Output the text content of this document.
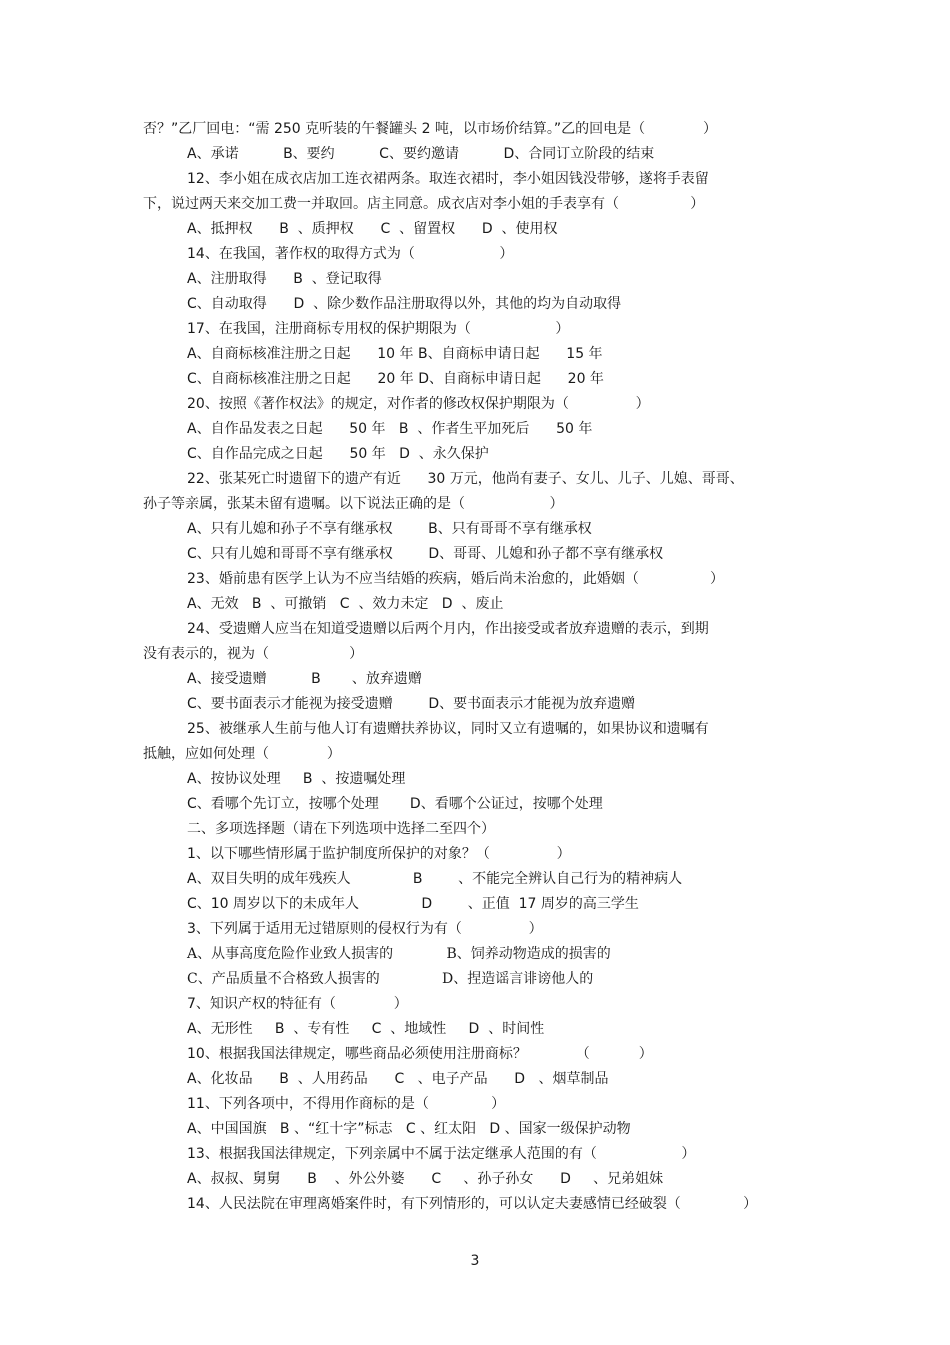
否？”乙厂回电：“需 250 克听装的午餐罐头 2 吨，以市场价结算。”乙的回电是（             ）
A、承诺          B、要约          C、要约邀请          D、合同订立阶段的结束
12、李小姐在成衣店加工连衣裙两条。取连衣裙时，李小姐因钱没带够，遂将手表留
下，说过两天来交加工费一并取回。店主同意。成衣店对李小姐的手表享有（                ）
A、抵押权      B  、质押权      C  、留置权      D  、使用权
14、在我国，著作权的取得方式为（                   ）
A、注册取得      B  、登记取得
C、自动取得      D  、除少数作品注册取得以外，其他的均为自动取得
17、在我国，注册商标专用权的保护期限为（                   ）
A、自商标核准注册之日起      10 年 B、自商标申请日起      15 年
C、自商标核准注册之日起      20 年 D、自商标申请日起      20 年
20、按照《著作权法》的规定，对作者的修改权保护期限为（               ）
A、自作品发表之日起      50 年   B  、作者生平加死后      50 年
C、自作品完成之日起      50 年   D  、永久保护
22、张某死亡时遗留下的遗产有近      30 万元，他尚有妻子、女儿、儿子、儿媳、哥哥、
孙子等亲属，张某未留有遗嘱。以下说法正确的是（                   ）
A、只有儿媳和孙子不享有继承权        B、只有哥哥不享有继承权
C、只有儿媳和哥哥不享有继承权        D、哥哥、儿媳和孙子都不享有继承权
23、婚前患有医学上认为不应当结婚的疾病，婚后尚未治愈的，此婚姻（                ）
A、无效   B  、可撤销   C  、效力未定   D  、废止
24、受遗赠人应当在知道受遗赠以后两个月内，作出接受或者放弃遗赠的表示，到期
没有表示的，视为（                  ）
A、接受遗赠          B       、放弃遗赠
C、要书面表示才能视为接受遗赠        D、要书面表示才能视为放弃遗赠
25、被继承人生前与他人订有遗赠扶养协议，同时又立有遗嘱的，如果协议和遗嘱有
抵触，应如何处理（             ）
A、按协议处理     B  、按遗嘱处理
C、看哪个先订立，按哪个处理       D、看哪个公证过，按哪个处理
二、多项选择题（请在下列选项中选择二至四个）
1、以下哪些情形属于监护制度所保护的对象？（               ）
A、双目失明的成年残疾人              B        、不能完全辨认自己行为的精神病人
C、10 周岁以下的未成年人              D        、正值  17 周岁的高三学生
3、下列属于适用无过错原则的侵权行为有（               ）
A、从事高度危险作业致人损害的            B、饲养动物造成的损害的
C、产品质量不合格致人损害的              D、捏造谣言诽谤他人的
7、知识产权的特征有（             ）
A、无形性     B  、专有性     C  、地域性     D  、时间性
10、根据我国法律规定，哪些商品必须使用注册商标？           （           ）
A、化妆品      B  、人用药品      C   、电子产品      D   、烟草制品
11、下列各项中，不得用作商标的是（              ）
A、中国国旗   B 、“红十字”标志   C 、红太阳   D 、国家一级保护动物
13、根据我国法律规定，下列亲属中不属于法定继承人范围的有（                   ）
A、叔叔、舅舅      B    、外公外婆      C     、孙子孙女      D     、兄弟姐妹
14、人民法院在审理离婚案件时，有下列情形的，可以认定夫妻感情已经破裂（              ）
3
